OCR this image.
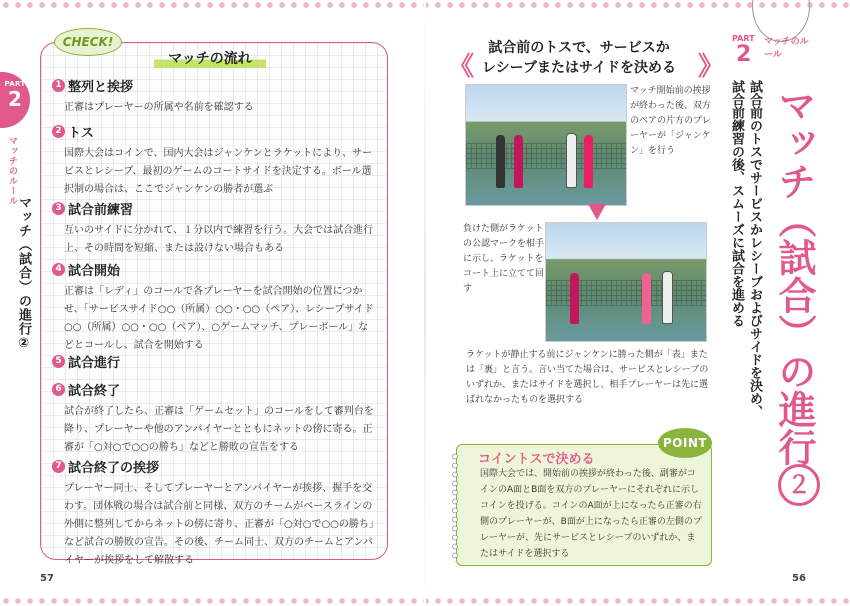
PART
2
マッチのルール
マッチ（試合）の進行②
CHECK!
マッチの流れ
1 整列と挨拶

正審はプレーヤーの所属や名前を確認する

2 トス

国際大会はコインで、国内大会はジャンケンとラケットにより、サービスとレシーブ、最初のゲームのコートサイドを決定する。ボール選択制の場合は、ここでジャンケンの勝者が選ぶ

3 試合前練習

互いのサイドに分かれて、１分以内で練習を行う。大会では試合進行上、その時間を短縮、または設けない場合もある

4 試合開始

正審は「レディ」のコールで各プレーヤーを試合開始の位置につかせ、「サービスサイド○○（所属）○○・○○（ペア）、レシーブサイド○○（所属）○○・○○（ペア）、○ゲームマッチ、プレーボール」などとコールし、試合を開始する

5 試合進行
6 試合終了

試合が終了したら、正審は「ゲームセット」のコールをして審判台を降り、プレーヤーや他のアンパイヤーとともにネットの傍に寄る。正審が「○対○で○○の勝ち」などと勝敗の宣告をする

7 試合終了の挨拶

プレーヤー同士、そしてプレーヤーとアンパイヤーが挨拶、握手を交わす。団体戦の場合は試合前と同様、双方のチームがベースラインの外側に整列してからネットの傍に寄り、正審が「○対○で○○の勝ち」など試合の勝敗の宣告。その後、チーム同士、双方のチームとアンパイヤーが挨拶をして解散する

57
《	》
試合前のトスで、サービスか
レシーブまたはサイドを決める
マッチ開始前の挨拶が終わった後、双方のペアの片方のプレーヤーが「ジャンケン」を行う
負けた側がラケットの公認マークを相手に示し、ラケットをコート上に立てて回す
ラケットが静止する前にジャンケンに勝った側が「表」または「裏」と言う。言い当てた場合は、サービスとレシーブのいずれか、またはサイドを選択し、相手プレーヤーは先に選ばれなかったものを選択する
POINT
コイントスで決める
国際大会では、開始前の挨拶が終わった後、副審がコインのA面とB面を双方のプレーヤーにそれぞれに示しコインを投げる。コインのA面が上になったら正審の右側のプレーヤーが、B面が上になったら正審の左側のプレーヤーが、先にサービスとレシーブのいずれか、またはサイドを選択する
PART
2 マッチのルール
マッチ（試合）の進行
２
試合前のトスでサービスかレシーブおよびサイドを決め、
試合前練習の後、スムーズに試合を進める
56
